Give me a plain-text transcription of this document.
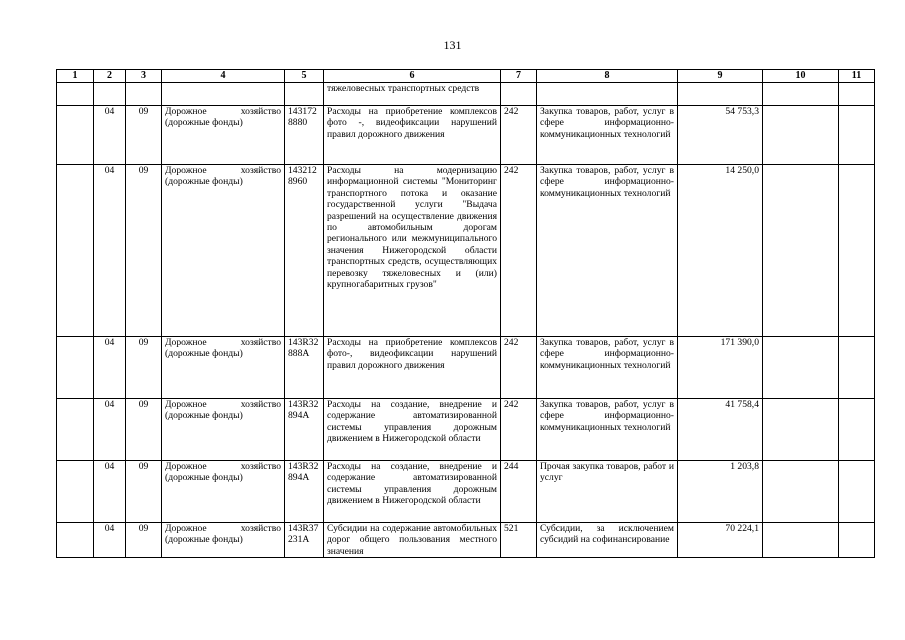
131
1	2	3	4	5	6	7	8	9	10	11
					тяжеловесных транспортных средств					
	04	09	Дорожное хозяйство (дорожные фонды)	143172 8880	Расходы на приобретение комплексов фото -, видеофиксации нарушений правил дорожного движения	242	Закупка товаров, работ, услуг в сфере информационно-коммуникационных технологий	54 753,3		
	04	09	Дорожное хозяйство (дорожные фонды)	143212 8960	Расходы на модернизацию информационной системы "Мониторинг транспортного потока и оказание государственной услуги "Выдача разрешений на осуществление движения по автомобильным дорогам регионального или межмуниципального значения Нижегородской области транспортных средств, осуществляющих перевозку тяжеловесных и (или) крупногабаритных грузов"	242	Закупка товаров, работ, услуг в сфере информационно-коммуникационных технологий	14 250,0		
	04	09	Дорожное хозяйство (дорожные фонды)	143R32 888A	Расходы на приобретение комплексов фото-, видеофиксации нарушений правил дорожного движения	242	Закупка товаров, работ, услуг в сфере информационно-коммуникационных технологий	171 390,0		
	04	09	Дорожное хозяйство (дорожные фонды)	143R32 894A	Расходы на создание, внедрение и содержание автоматизированной системы управления дорожным движением в Нижегородской области	242	Закупка товаров, работ, услуг в сфере информационно-коммуникационных технологий	41 758,4		
	04	09	Дорожное хозяйство (дорожные фонды)	143R32 894A	Расходы на создание, внедрение и содержание автоматизированной системы управления дорожным движением в Нижегородской области	244	Прочая закупка товаров, работ и услуг	1 203,8		
	04	09	Дорожное хозяйство (дорожные фонды)	143R37 231A	Субсидии на содержание автомобильных дорог общего пользования местного значения	521	Субсидии, за исключением субсидий на софинансирование	70 224,1		
